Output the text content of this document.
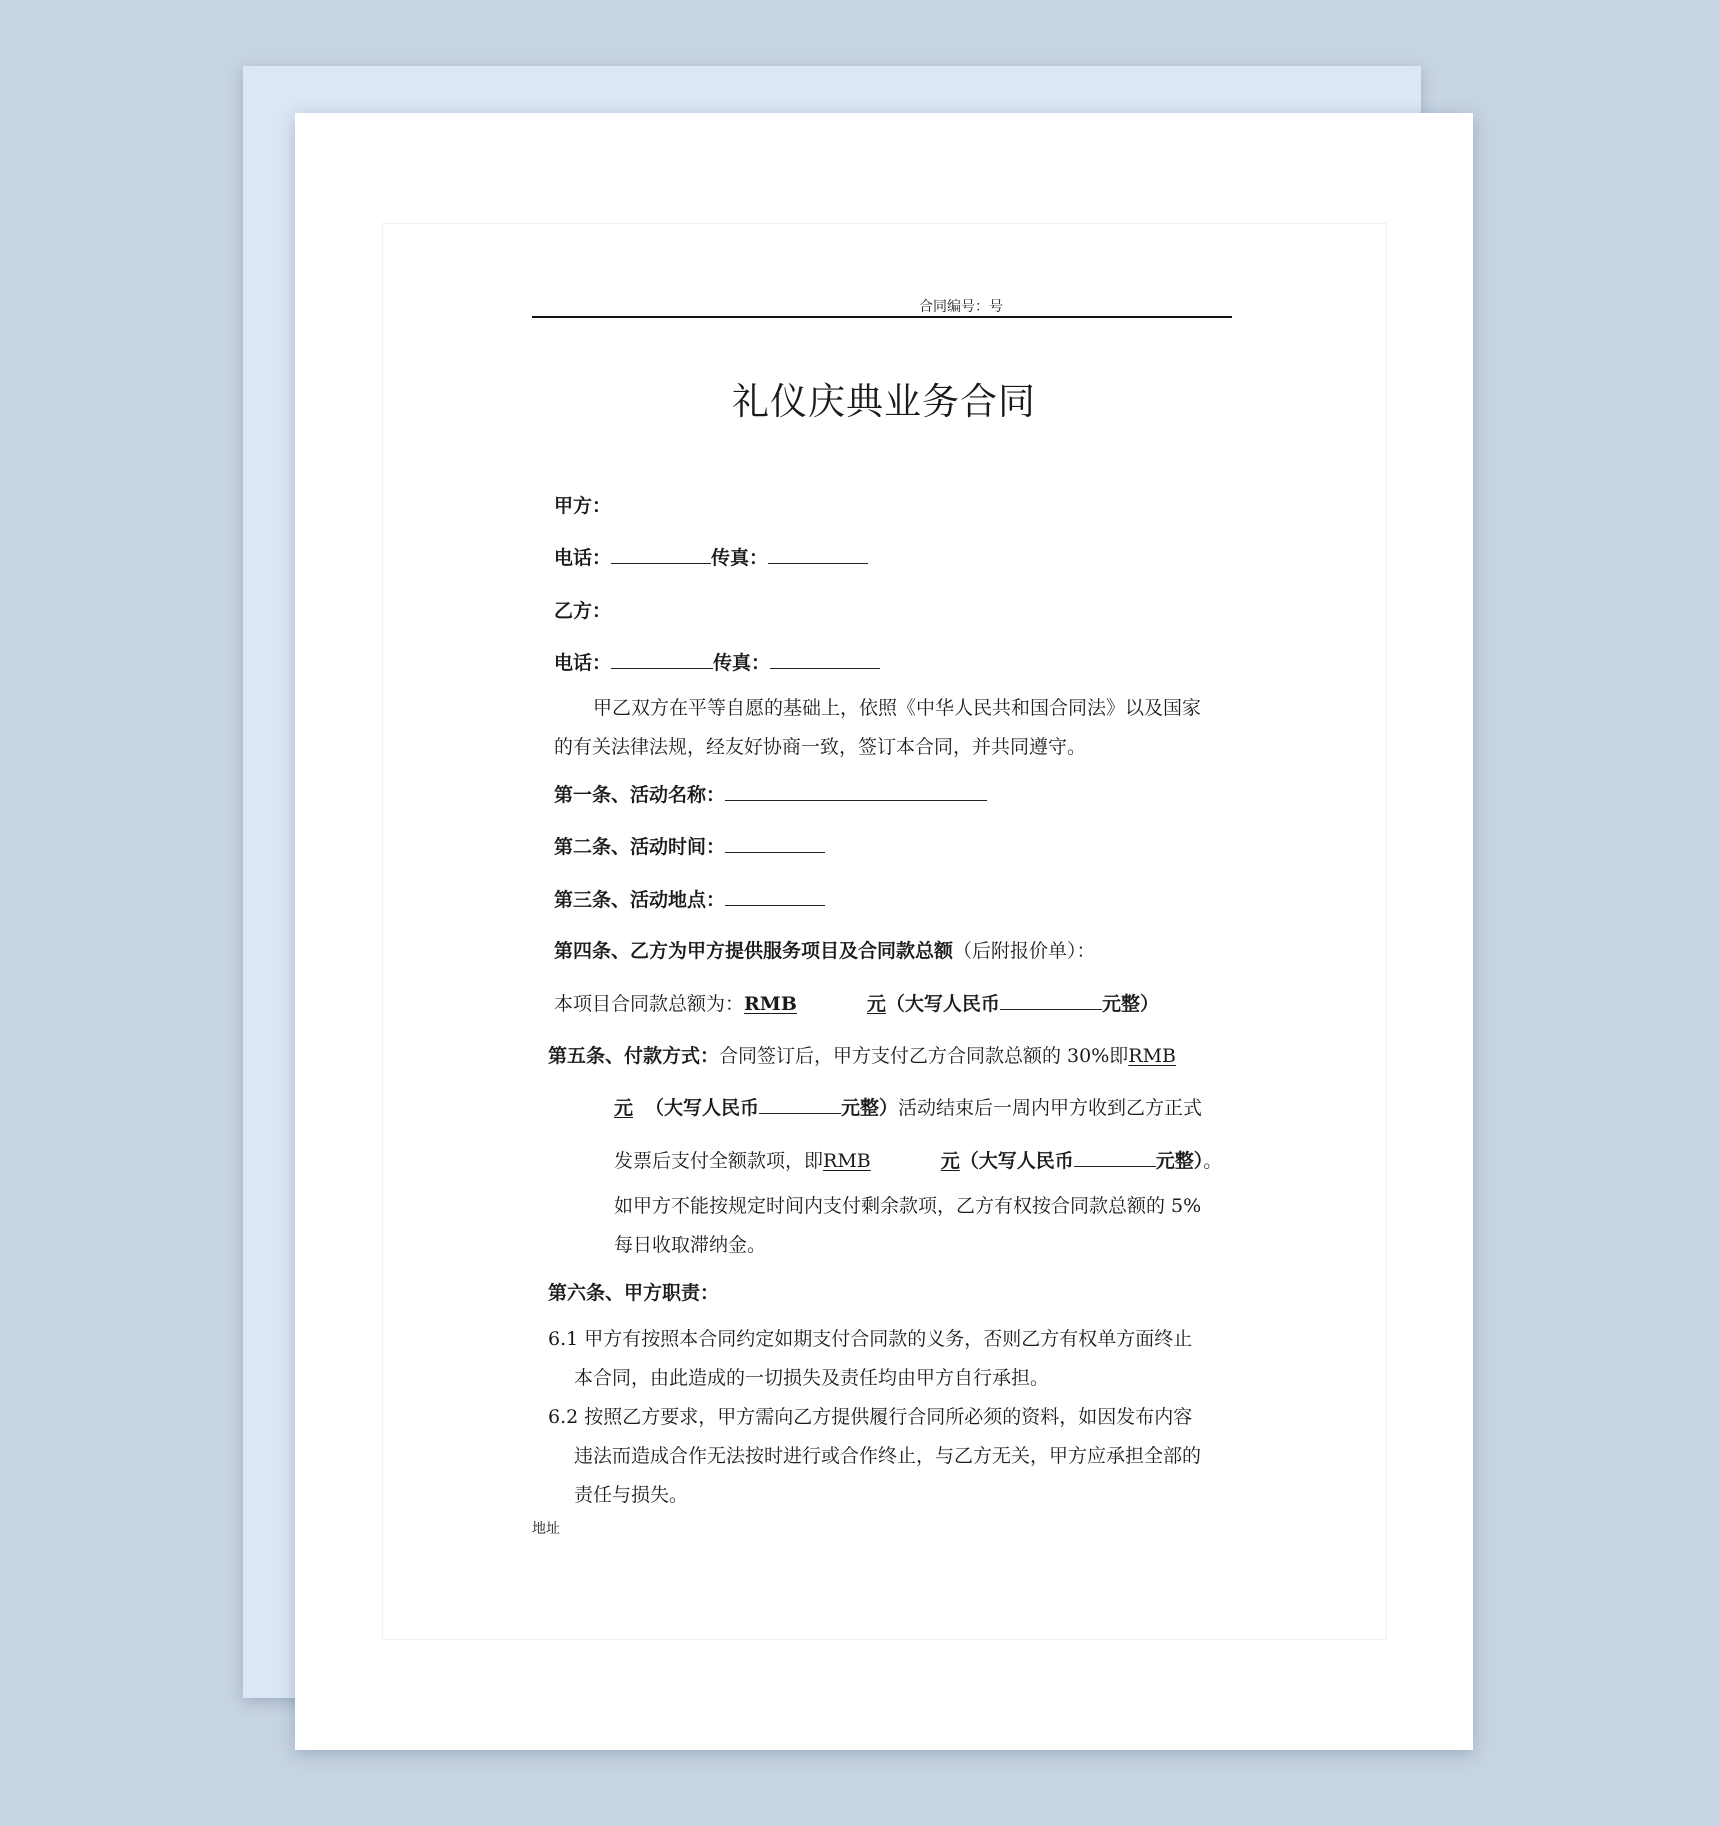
合同编号：号
礼仪庆典业务合同
甲方：
电话：	传真：
乙方：
电话：	传真：
甲乙双方在平等自愿的基础上，依照《中华人民共和国合同法》以及国家
的有关法律法规，经友好协商一致，签订本合同，并共同遵守。
第一条、活动名称：
第二条、活动时间：
第三条、活动地点：
第四条、乙方为甲方提供服务项目及合同款总额（后附报价单）：
本项目合同款总额为：RMB	元（大写人民币	元整）
第五条、付款方式：合同签订后，甲方支付乙方合同款总额的 30%即RMB
元 （大写人民币	元整）活动结束后一周内甲方收到乙方正式
发票后支付全额款项，即RMB	元（大写人民币	元整）。
如甲方不能按规定时间内支付剩余款项，乙方有权按合同款总额的 5%
每日收取滞纳金。
第六条、甲方职责：
6.1 甲方有按照本合同约定如期支付合同款的义务，否则乙方有权单方面终止
本合同，由此造成的一切损失及责任均由甲方自行承担。
6.2 按照乙方要求，甲方需向乙方提供履行合同所必须的资料，如因发布内容
违法而造成合作无法按时进行或合作终止，与乙方无关，甲方应承担全部的
责任与损失。
地址
